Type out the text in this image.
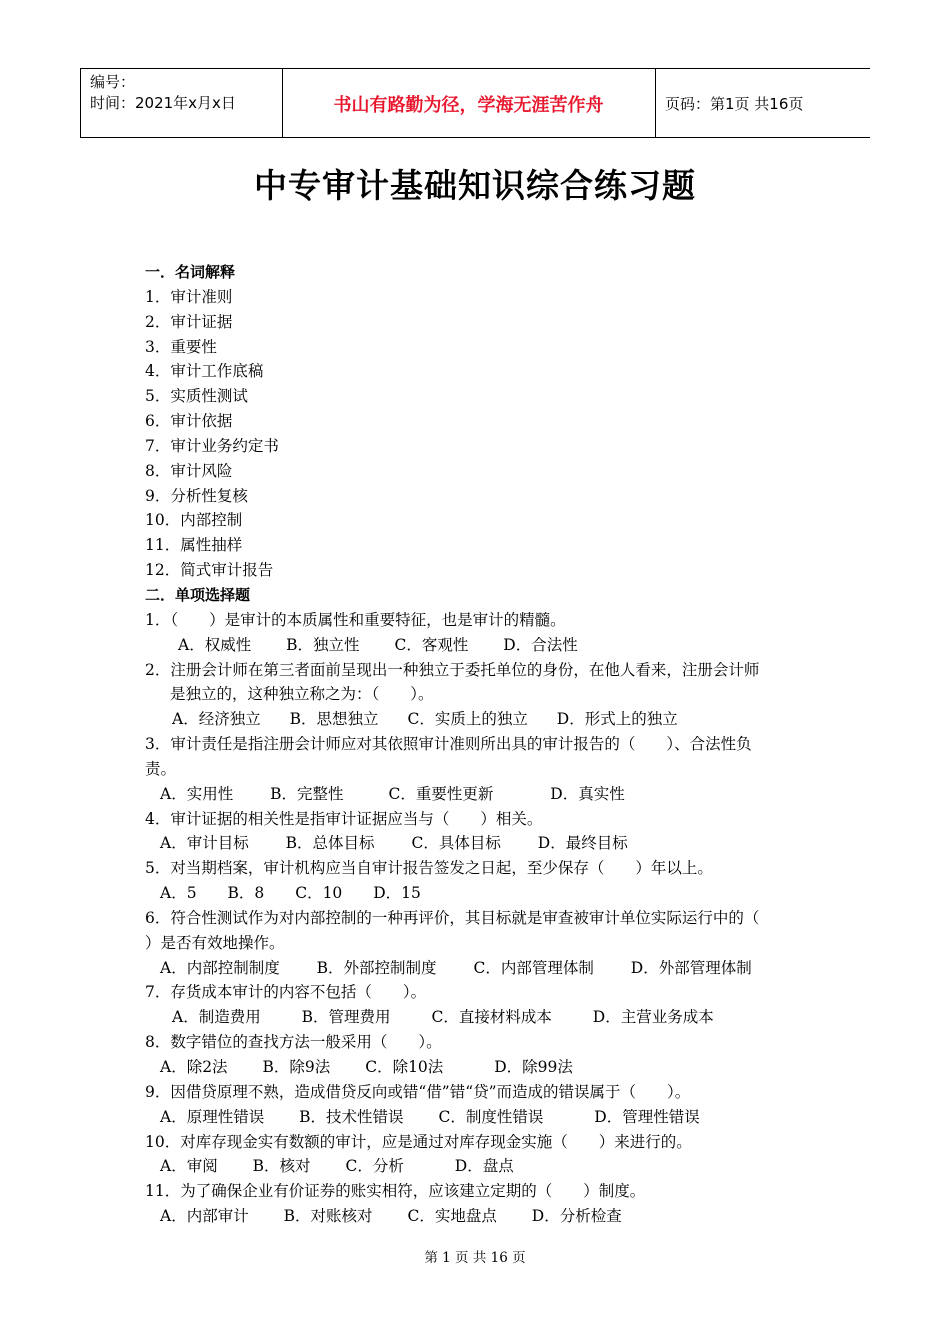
编号：
时间：2021年x月x日	书山有路勤为径，学海无涯苦作舟	页码：第1页 共16页
中专审计基础知识综合练习题
一．名词解释
1．审计准则
2．审计证据
3．重要性
4．审计工作底稿
5．实质性测试
6．审计依据
7．审计业务约定书
8．审计风险
9．分析性复核
10．内部控制
11．属性抽样
12．简式审计报告
二．单项选择题
1．（　　）是审计的本质属性和重要特征，也是审计的精髓。
A．权威性 B．独立性 C．客观性 D．合法性
2．注册会计师在第三者面前呈现出一种独立于委托单位的身份，在他人看来，注册会计师
是独立的，这种独立称之为：（　　）。
A．经济独立 B．思想独立 C．实质上的独立 D．形式上的独立
3．审计责任是指注册会计师应对其依照审计准则所出具的审计报告的（　　）、合法性负
责。
A．实用性 B．完整性	C．重要性更新	D．真实性
4．审计证据的相关性是指审计证据应当与（　　）相关。
A．审计目标 B．总体目标 C．具体目标 D．最终目标
5．对当期档案，审计机构应当自审计报告签发之日起，至少保存（　　）年以上。
A．5 B．8 C．10 D．15
6．符合性测试作为对内部控制的一种再评价，其目标就是审查被审计单位实际运行中的（
）是否有效地操作。
A．内部控制制度 B．外部控制制度 C．内部管理体制 D．外部管理体制
7．存货成本审计的内容不包括（　　）。
A．制造费用	B．管理费用	C．直接材料成本	D．主营业务成本
8．数字错位的查找方法一般采用（　　）。
A．除2法 B．除9法 C．除10法	D．除99法
9．因借贷原理不熟，造成借贷反向或错“借”错“贷”而造成的错误属于（　　）。
A．原理性错误 B．技术性错误 C．制度性错误	D．管理性错误
10．对库存现金实有数额的审计，应是通过对库存现金实施（　　）来进行的。
A．审阅 B．核对 C．分析	D．盘点
11．为了确保企业有价证券的账实相符，应该建立定期的（　　）制度。
A．内部审计 B．对账核对 C．实地盘点 D．分析检查
第 1 页 共 16 页
